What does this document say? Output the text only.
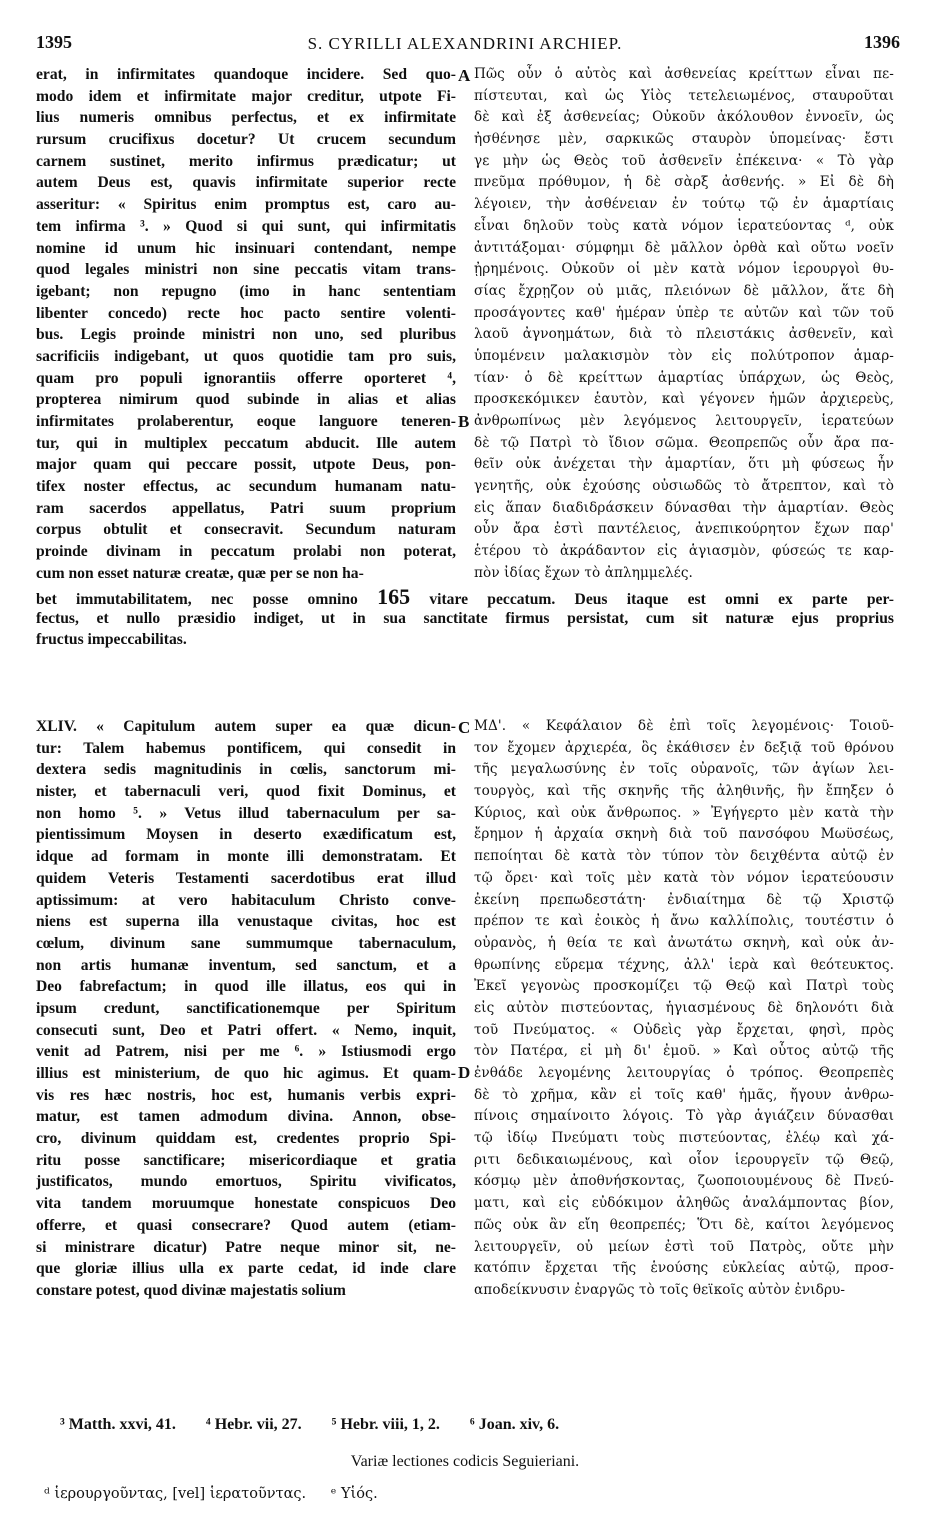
1395	S. CYRILLI ALEXANDRINI ARCHIEP.	1396
A
B
C
D
erat, in infirmitates quandoque incidere. Sed quo-
modo idem et infirmitate major creditur, utpote Fi-
lius numeris omnibus perfectus, et ex infirmitate
rursum crucifixus docetur? Ut crucem secundum
carnem sustinet, merito infirmus prædicatur; ut
autem Deus est, quavis infirmitate superior recte
asseritur: « Spiritus enim promptus est, caro au-
tem infirma ³. » Quod si qui sunt, qui infirmitatis
nomine id unum hic insinuari contendant, nempe
quod legales ministri non sine peccatis vitam trans-
igebant; non repugno (imo in hanc sententiam
libenter concedo) recte hoc pacto sentire volenti-
bus. Legis proinde ministri non uno, sed pluribus
sacrificiis indigebant, ut quos quotidie tam pro suis,
quam pro populi ignorantiis offerre oporteret ⁴,
propterea nimirum quod subinde in alias et alias
infirmitates prolaberentur, eoque languore teneren-
tur, qui in multiplex peccatum abducit. Ille autem
major quam qui peccare possit, utpote Deus, pon-
tifex noster effectus, ac secundum humanam natu-
ram sacerdos appellatus, Patri suum proprium
corpus obtulit et consecravit. Secundum naturam
proinde divinam in peccatum prolabi non poterat,
cum non esset naturæ creatæ, quæ per se non ha-
Πῶς οὖν ὁ αὐτὸς καὶ ἀσθενείας κρείττων εἶναι πε-
πίστευται, καὶ ὡς Υἱὸς τετελειωμένος, σταυροῦται
δὲ καὶ ἐξ ἀσθενείας; Οὐκοῦν ἀκόλουθον ἐννοεῖν, ὡς
ἠσθένησε μὲν, σαρκικῶς σταυρὸν ὑπομείνας· ἔστι
γε μὴν ὡς Θεὸς τοῦ ἀσθενεῖν ἐπέκεινα· « Τὸ γὰρ
πνεῦμα πρόθυμον, ἡ δὲ σὰρξ ἀσθενής. » Εἰ δὲ δὴ
λέγοιεν, τὴν ἀσθένειαν ἐν τούτῳ τῷ ἐν ἁμαρτίαις
εἶναι δηλοῦν τοὺς κατὰ νόμον ἱερατεύοντας ᵈ, οὐκ
ἀντιτάξομαι· σύμφημι δὲ μᾶλλον ὀρθὰ καὶ οὕτω νοεῖν
ᾐρημένοις. Οὐκοῦν οἱ μὲν κατὰ νόμον ἱερουργοὶ θυ-
σίας ἔχρῃζον οὐ μιᾶς, πλειόνων δὲ μᾶλλον, ἅτε δὴ
προσάγοντες καθ' ἡμέραν ὑπὲρ τε αὐτῶν καὶ τῶν τοῦ
λαοῦ ἀγνοημάτων, διὰ τὸ πλειστάκις ἀσθενεῖν, καὶ
ὑπομένειν μαλακισμὸν τὸν εἰς πολύτροπον ἁμαρ-
τίαν· ὁ δὲ κρείττων ἁμαρτίας ὑπάρχων, ὡς Θεὸς,
προσκεκόμικεν ἑαυτὸν, καὶ γέγονεν ἡμῶν ἀρχιερεὺς,
ἀνθρωπίνως μὲν λεγόμενος λειτουργεῖν, ἱερατεύων
δὲ τῷ Πατρὶ τὸ ἴδιον σῶμα. Θεοπρεπῶς οὖν ἄρα πα-
θεῖν οὐκ ἀνέχεται τὴν ἁμαρτίαν, ὅτι μὴ φύσεως ἦν
γενητῆς, οὐκ ἐχούσης οὐσιωδῶς τὸ ἄτρεπτον, καὶ τὸ
εἰς ἅπαν διαδιδράσκειν δύνασθαι τὴν ἁμαρτίαν. Θεὸς
οὖν ἄρα ἐστὶ παντέλειος, ἀνεπικούρητον ἔχων παρ'
ἑτέρου τὸ ἀκράδαντον εἰς ἁγιασμὸν, φύσεώς τε καρ-
πὸν ἰδίας ἔχων τὸ ἀπλημμελές.
bet immutabilitatem, nec posse omnino 165 vitare peccatum. Deus itaque est omni ex parte per-
fectus, et nullo præsidio indiget, ut in sua sanctitate firmus persistat, cum sit naturæ ejus proprius
fructus impeccabilitas.
XLIV. « Capitulum autem super ea quæ dicun-
tur: Talem habemus pontificem, qui consedit in
dextera sedis magnitudinis in cœlis, sanctorum mi-
nister, et tabernaculi veri, quod fixit Dominus, et
non homo ⁵. » Vetus illud tabernaculum per sa-
pientissimum Moysen in deserto exædificatum est,
idque ad formam in monte illi demonstratam. Et
quidem Veteris Testamenti sacerdotibus erat illud
aptissimum: at vero habitaculum Christo conve-
niens est superna illa venustaque civitas, hoc est
cœlum, divinum sane summumque tabernaculum,
non artis humanæ inventum, sed sanctum, et a
Deo fabrefactum; in quod ille illatus, eos qui in
ipsum credunt, sanctificationemque per Spiritum
consecuti sunt, Deo et Patri offert. « Nemo, inquit,
venit ad Patrem, nisi per me ⁶. » Istiusmodi ergo
illius est ministerium, de quo hic agimus. Et quam-
vis res hæc nostris, hoc est, humanis verbis expri-
matur, est tamen admodum divina. Annon, obse-
cro, divinum quiddam est, credentes proprio Spi-
ritu posse sanctificare; misericordiaque et gratia
justificatos, mundo emortuos, Spiritu vivificatos,
vita tandem moruumque honestate conspicuos Deo
offerre, et quasi consecrare? Quod autem (etiam-
si ministrare dicatur) Patre neque minor sit, ne-
que gloriæ illius ulla ex parte cedat, id inde clare
constare potest, quod divinæ majestatis solium
ΜΔ'. « Κεφάλαιον δὲ ἐπὶ τοῖς λεγομένοις· Τοιοῦ-
τον ἔχομεν ἀρχιερέα, ὃς ἐκάθισεν ἐν δεξιᾷ τοῦ θρόνου
τῆς μεγαλωσύνης ἐν τοῖς οὐρανοῖς, τῶν ἁγίων λει-
τουργὸς, καὶ τῆς σκηνῆς τῆς ἀληθινῆς, ἣν ἔπηξεν ὁ
Κύριος, καὶ οὐκ ἄνθρωπος. » Ἐγήγερτο μὲν κατὰ τὴν
ἔρημον ἡ ἀρχαία σκηνὴ διὰ τοῦ πανσόφου Μωϋσέως,
πεποίηται δὲ κατὰ τὸν τύπον τὸν δειχθέντα αὐτῷ ἐν
τῷ ὄρει· καὶ τοῖς μὲν κατὰ τὸν νόμον ἱερατεύουσιν
ἐκείνη πρεπωδεστάτη· ἐνδιαίτημα δὲ τῷ Χριστῷ
πρέπον τε καὶ ἐοικὸς ἡ ἄνω καλλίπολις, τουτέστιν ὁ
οὐρανὸς, ἡ θεία τε καὶ ἀνωτάτω σκηνὴ, καὶ οὐκ ἀν-
θρωπίνης εὕρεμα τέχνης, ἀλλ' ἱερὰ καὶ θεότευκτος.
Ἐκεῖ γεγονὼς προσκομίζει τῷ Θεῷ καὶ Πατρὶ τοὺς
εἰς αὐτὸν πιστεύοντας, ἡγιασμένους δὲ δηλονότι διὰ
τοῦ Πνεύματος. « Οὐδεὶς γὰρ ἔρχεται, φησὶ, πρὸς
τὸν Πατέρα, εἰ μὴ δι' ἐμοῦ. » Καὶ οὗτος αὐτῷ τῆς
ἐνθάδε λεγομένης λειτουργίας ὁ τρόπος. Θεοπρεπὲς
δὲ τὸ χρῆμα, κἂν εἰ τοῖς καθ' ἡμᾶς, ἤγουν ἀνθρω-
πίνοις σημαίνοιτο λόγοις. Τὸ γὰρ ἁγιάζειν δύνασθαι
τῷ ἰδίῳ Πνεύματι τοὺς πιστεύοντας, ἐλέῳ καὶ χά-
ριτι δεδικαιωμένους, καὶ οἷον ἱερουργεῖν τῷ Θεῷ,
κόσμῳ μὲν ἀποθνήσκοντας, ζωοποιουμένους δὲ Πνεύ-
ματι, καὶ εἰς εὐδόκιμον ἀληθῶς ἀναλάμποντας βίον,
πῶς οὐκ ἂν εἴη θεοπρεπές; Ὅτι δὲ, καίτοι λεγόμενος
λειτουργεῖν, οὐ μείων ἐστὶ τοῦ Πατρὸς, οὔτε μὴν
κατόπιν ἔρχεται τῆς ἑνούσης εὐκλείας αὐτῷ, προσ-
αποδείκνυσιν ἐναργῶς τὸ τοῖς θεϊκοῖς αὐτὸν ἐνιδρυ-
³ Matth. xxvi, 41. ⁴ Hebr. vii, 27. ⁵ Hebr. viii, 1, 2. ⁶ Joan. xiv, 6.
Variæ lectiones codicis Seguieriani.
ᵈ ἱερουργοῦντας, [vel] ἱερατοῦντας. ᵉ Υἱός.
